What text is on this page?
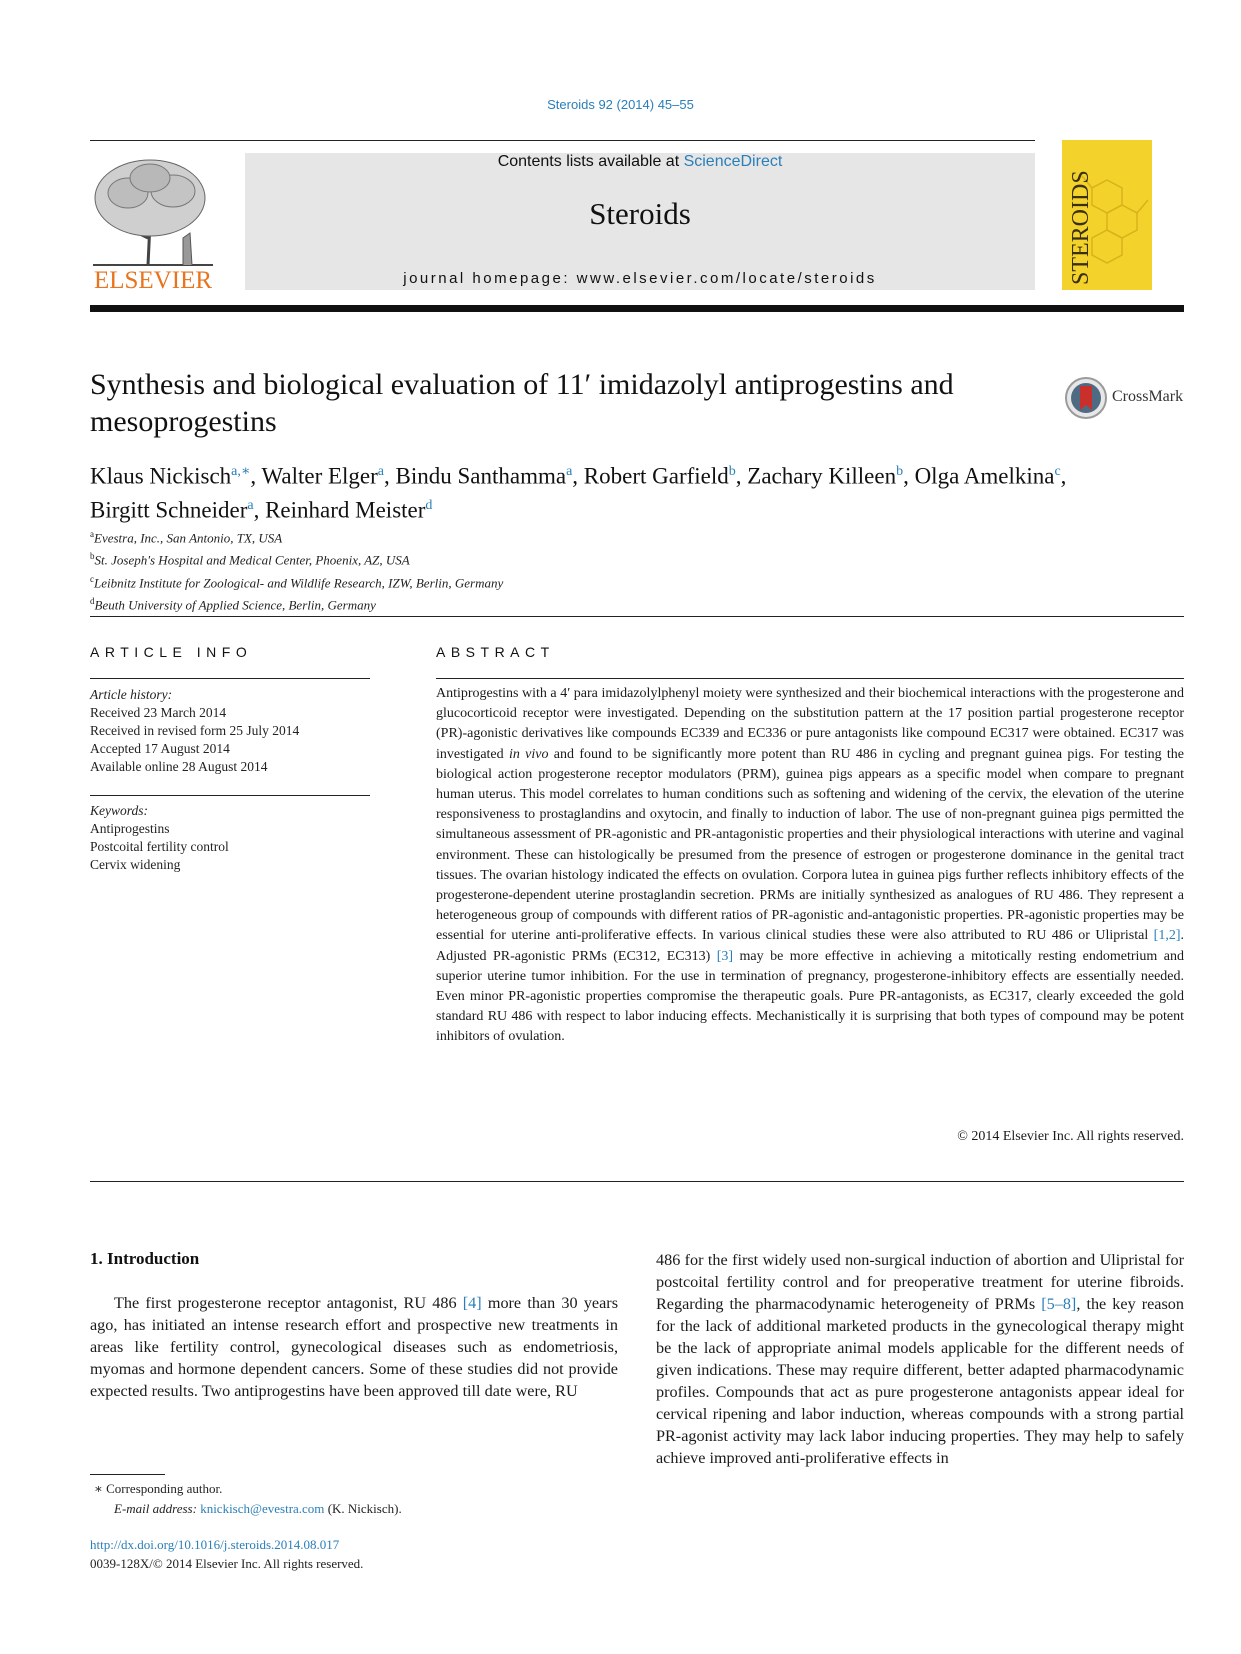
Steroids 92 (2014) 45–55
ELSEVIER
Contents lists available at ScienceDirect
Steroids
journal homepage: www.elsevier.com/locate/steroids	STEROIDS
Synthesis and biological evaluation of 11′ imidazolyl antiprogestins and mesoprogestins
CrossMark
Klaus Nickisch$^{a,∗}$, Walter Elger$^a$, Bindu Santhamma$^a$, Robert Garfield$^b$, Zachary Killeen$^b$, Olga Amelkina$^c$,
Birgitt Schneider$^a$, Reinhard Meister$^d$
$^a$Evestra, Inc., San Antonio, TX, USA
$^b$St. Joseph's Hospital and Medical Center, Phoenix, AZ, USA
$^c$Leibnitz Institute for Zoological- and Wildlife Research, IZW, Berlin, Germany
$^d$Beuth University of Applied Science, Berlin, Germany
ARTICLE INFO
Article history:
Received 23 March 2014
Received in revised form 25 July 2014
Accepted 17 August 2014
Available online 28 August 2014
Keywords:
Antiprogestins
Postcoital fertility control
Cervix widening
ABSTRACT
Antiprogestins with a 4′ para imidazolylphenyl moiety were synthesized and their biochemical interactions with the progesterone and glucocorticoid receptor were investigated. Depending on the substitution pattern at the 17 position partial progesterone receptor (PR)-agonistic derivatives like compounds EC339 and EC336 or pure antagonists like compound EC317 were obtained. EC317 was investigated in vivo and found to be significantly more potent than RU 486 in cycling and pregnant guinea pigs. For testing the biological action progesterone receptor modulators (PRM), guinea pigs appears as a specific model when compare to pregnant human uterus. This model correlates to human conditions such as softening and widening of the cervix, the elevation of the uterine responsiveness to prostaglandins and oxytocin, and finally to induction of labor. The use of non-pregnant guinea pigs permitted the simultaneous assessment of PR-agonistic and PR-antagonistic properties and their physiological interactions with uterine and vaginal environment. These can histologically be presumed from the presence of estrogen or progesterone dominance in the genital tract tissues. The ovarian histology indicated the effects on ovulation. Corpora lutea in guinea pigs further reflects inhibitory effects of the progesterone-dependent uterine prostaglandin secretion. PRMs are initially synthesized as analogues of RU 486. They represent a heterogeneous group of compounds with different ratios of PR-agonistic and-antagonistic properties. PR-agonistic properties may be essential for uterine anti-proliferative effects. In various clinical studies these were also attributed to RU 486 or Ulipristal [1,2]. Adjusted PR-agonistic PRMs (EC312, EC313) [3] may be more effective in achieving a mitotically resting endometrium and superior uterine tumor inhibition. For the use in termination of pregnancy, progesterone-inhibitory effects are essentially needed. Even minor PR-agonistic properties compromise the therapeutic goals. Pure PR-antagonists, as EC317, clearly exceeded the gold standard RU 486 with respect to labor inducing effects. Mechanistically it is surprising that both types of compound may be potent inhibitors of ovulation.
© 2014 Elsevier Inc. All rights reserved.
1. Introduction
The first progesterone receptor antagonist, RU 486 [4] more than 30 years ago, has initiated an intense research effort and prospective new treatments in areas like fertility control, gynecological diseases such as endometriosis, myomas and hormone dependent cancers. Some of these studies did not provide expected results. Two antiprogestins have been approved till date were, RU
486 for the first widely used non-surgical induction of abortion and Ulipristal for postcoital fertility control and for preoperative treatment for uterine fibroids. Regarding the pharmacodynamic heterogeneity of PRMs [5–8], the key reason for the lack of additional marketed products in the gynecological therapy might be the lack of appropriate animal models applicable for the different needs of given indications. These may require different, better adapted pharmacodynamic profiles. Compounds that act as pure progesterone antagonists appear ideal for cervical ripening and labor induction, whereas compounds with a strong partial PR-agonist activity may lack labor inducing properties. They may help to safely achieve improved anti-proliferative effects in
∗ Corresponding author.
E-mail address: knickisch@evestra.com (K. Nickisch).
http://dx.doi.org/10.1016/j.steroids.2014.08.017
0039-128X/© 2014 Elsevier Inc. All rights reserved.
